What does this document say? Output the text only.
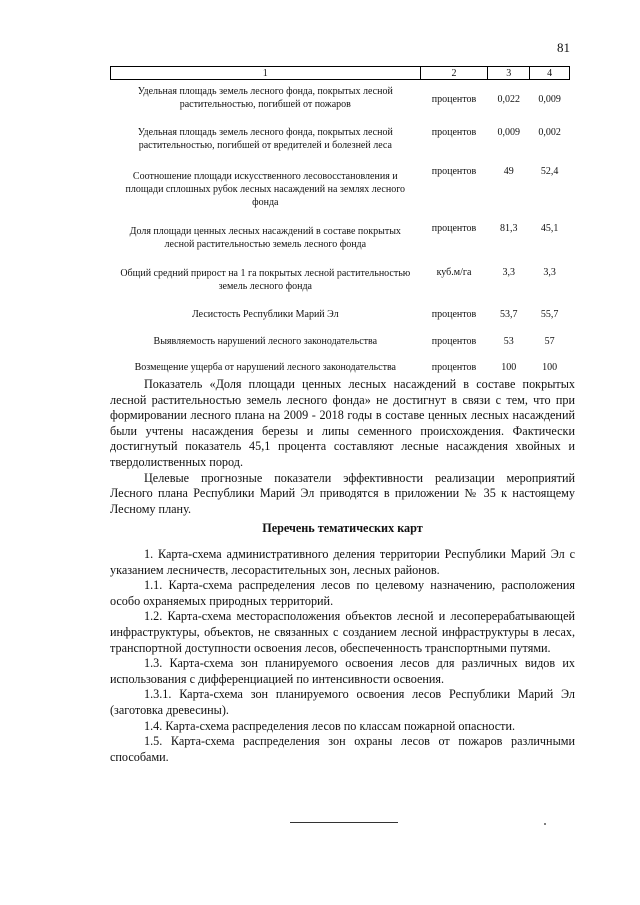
81
1	2	3	4
Удельная площадь земель лесного фонда, покрытых лесной растительностью, погибшей от пожаров	процентов	0,022	0,009
Удельная площадь земель лесного фонда, покрытых лесной растительностью, погибшей от вредителей и болезней леса	процентов	0,009	0,002
Соотношение площади искусственного лесовосстановления и площади сплошных рубок лесных насаждений на землях лесного фонда	процентов	49	52,4
Доля площади ценных лесных насаждений в составе покрытых лесной растительностью земель лесного фонда	процентов	81,3	45,1
Общий средний прирост на 1 га покрытых лесной растительностью земель лесного фонда	куб.м/га	3,3	3,3
Лесистость Республики Марий Эл	процентов	53,7	55,7
Выявляемость нарушений лесного законодательства	процентов	53	57
Возмещение ущерба от нарушений лесного законодательства	процентов	100	100

Показатель «Доля площади ценных лесных насаждений в составе покрытых лесной растительностью земель лесного фонда» не достигнут в связи с тем, что при формировании лесного плана на 2009 - 2018 годы в составе ценных лесных насаждений были учтены насаждения березы и липы семенного происхождения. Фактически достигнутый показатель 45,1 процента составляют лесные насаждения хвойных и твердолиственных пород.

Целевые прогнозные показатели эффективности реализации мероприятий Лесного плана Республики Марий Эл приводятся в приложении № 35 к настоящему Лесному плану.

Перечень тематических карт

1. Карта-схема административного деления территории Республики Марий Эл с указанием лесничеств, лесорастительных зон, лесных районов.

1.1. Карта-схема распределения лесов по целевому назначению, расположения особо охраняемых природных территорий.

1.2. Карта-схема месторасположения объектов лесной и лесоперерабатывающей инфраструктуры, объектов, не связанных с созданием лесной инфраструктуры в лесах, транспортной доступности освоения лесов, обеспеченность транспортными путями.

1.3. Карта-схема зон планируемого освоения лесов для различных видов их использования с дифференциацией по интенсивности освоения.

1.3.1. Карта-схема зон планируемого освоения лесов Республики Марий Эл (заготовка древесины).

1.4. Карта-схема распределения лесов по классам пожарной опасности.

1.5. Карта-схема распределения зон охраны лесов от пожаров различными способами.
